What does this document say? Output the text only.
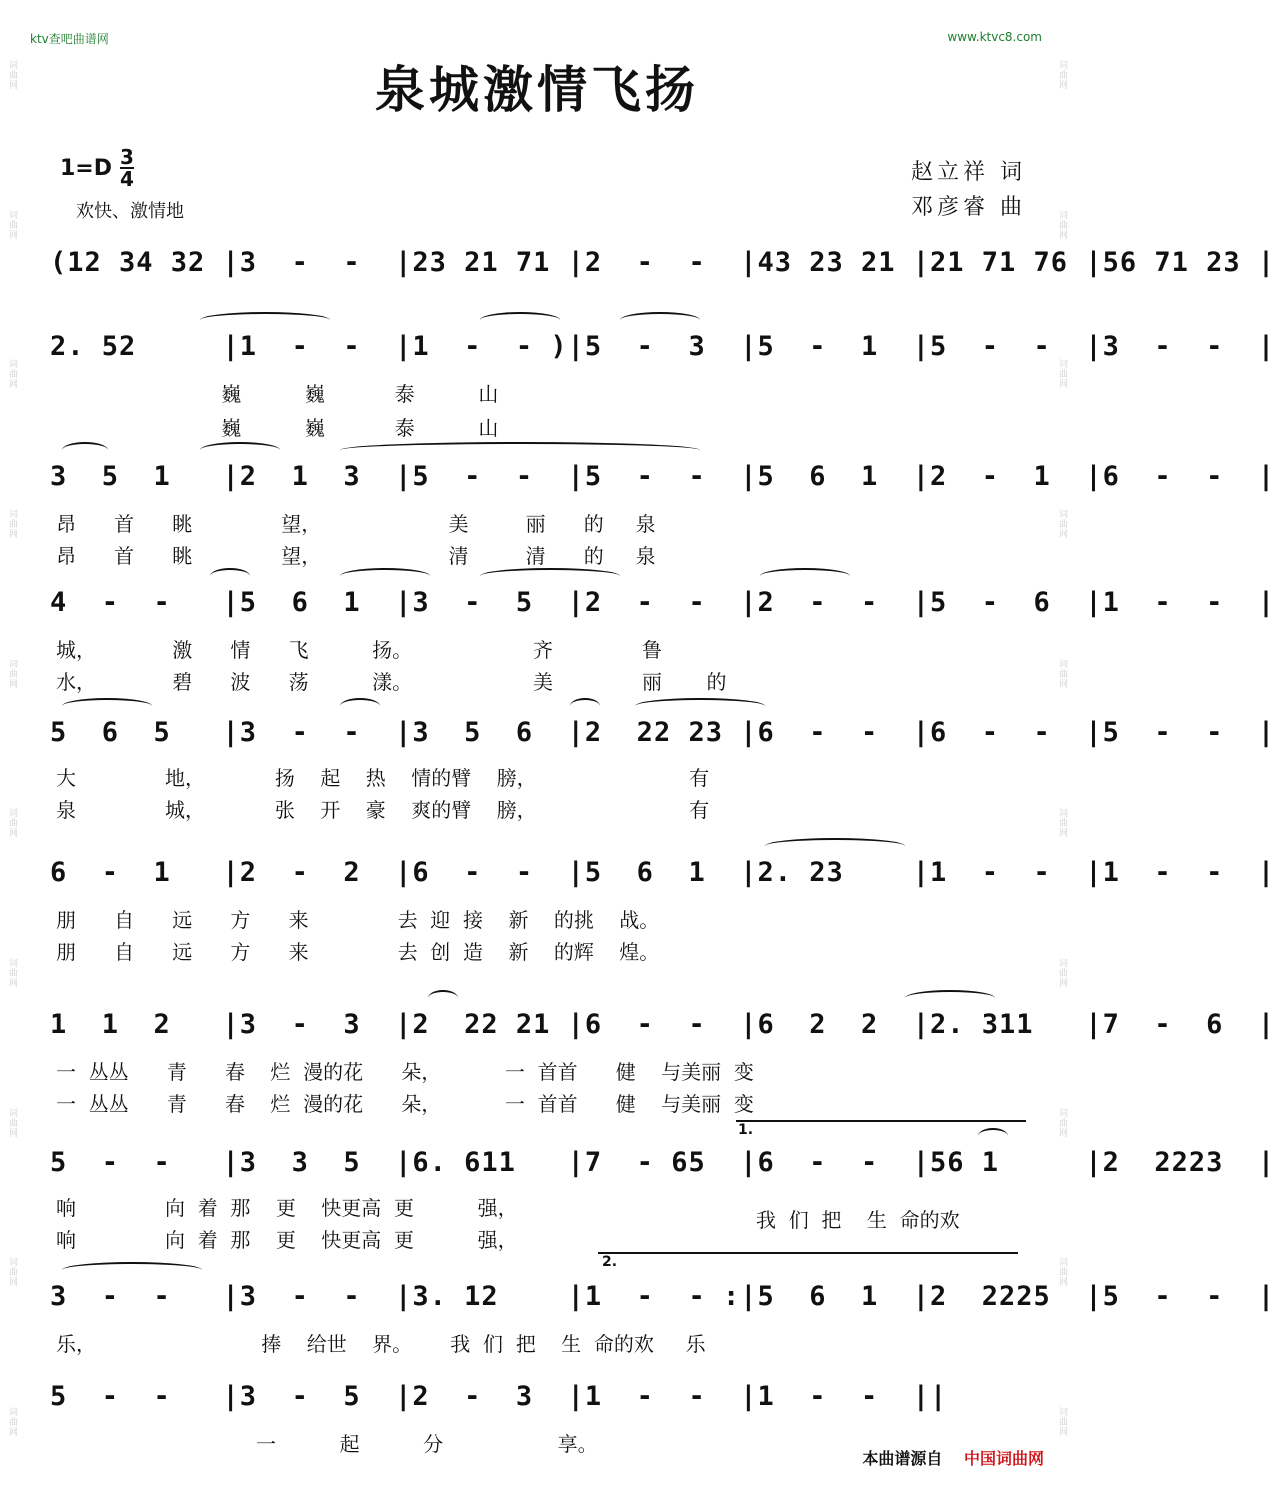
词曲网
词曲网
词曲网
词曲网
词曲网
词曲网
词曲网
词曲网
词曲网
词曲网
词曲网
词曲网
词曲网
词曲网
词曲网
词曲网
词曲网
词曲网
词曲网
词曲网
ktv查吧曲谱网	www.ktvc8.com
泉城激情飞扬
1=D 3
4
欢快、激情地
赵立祥 词
邓彦睿 曲
(12 34 32 |3  -  -  |23 21 71 |2  -  -  |43 23 21 |21 71 76 |56 71 23 |
2. 52     |1  -  -  |1  -  - )|5  -  3  |5  -  1  |5  -  -  |3  -  -  |
巍          巍           泰          山
巍          巍           泰          山
3  5  1   |2  1  3  |5  -  -  |5  -  -  |5  6  1  |2  -  1  |6  -  -  |
昂      首      眺              望，                    美         丽      的     泉
昂      首      眺              望，                    清         清      的     泉
4  -  -   |5  6  1  |3  -  5  |2  -  -  |2  -  -  |5  -  6  |1  -  -  |
城，            激      情      飞          扬。                   齐              鲁
水，            碧      波      荡          漾。                   美              丽       的
5  6  5   |3  -  -  |3  5  6  |2  22 23 |6  -  -  |6  -  -  |5  -  -  |
大              地，           扬    起    热    情的臂    膀，                        有
泉              城，           张    开    豪    爽的臂    膀，                        有
6  -  1   |2  -  2  |6  -  -  |5  6  1  |2. 23    |1  -  -  |1  -  -  |
朋      自      远      方      来              去  迎  接    新    的挑    战。
朋      自      远      方      来              去  创  造    新    的辉    煌。
1  1  2   |3  -  3  |2  22 21 |6  -  -  |6  2  2  |2. 311   |7  -  6  |
一  丛丛      青      春    烂  漫的花      朵，          一  首首      健    与美丽  变
一  丛丛      青      春    烂  漫的花      朵，          一  首首      健    与美丽  变
1.
5  -  -   |3  3  5  |6. 611   |7  - 65  |6  -  -  |56 1     |2  2223  |
响              向  着  那    更    快更高  更          强，
响              向  着  那    更    快更高  更          强，
我  们  把    生  命的欢
2.
3  -  -   |3  -  -  |3. 12    |1  -  - :|5  6  1  |2  2225  |5  -  -  |
乐，                          捧    给世    界。      我  们  把    生  命的欢     乐
5  -  -   |3  -  5  |2  -  3  |1  -  -  |1  -  -  ||
一          起          分                  享。
本曲谱源自 中国词曲网
